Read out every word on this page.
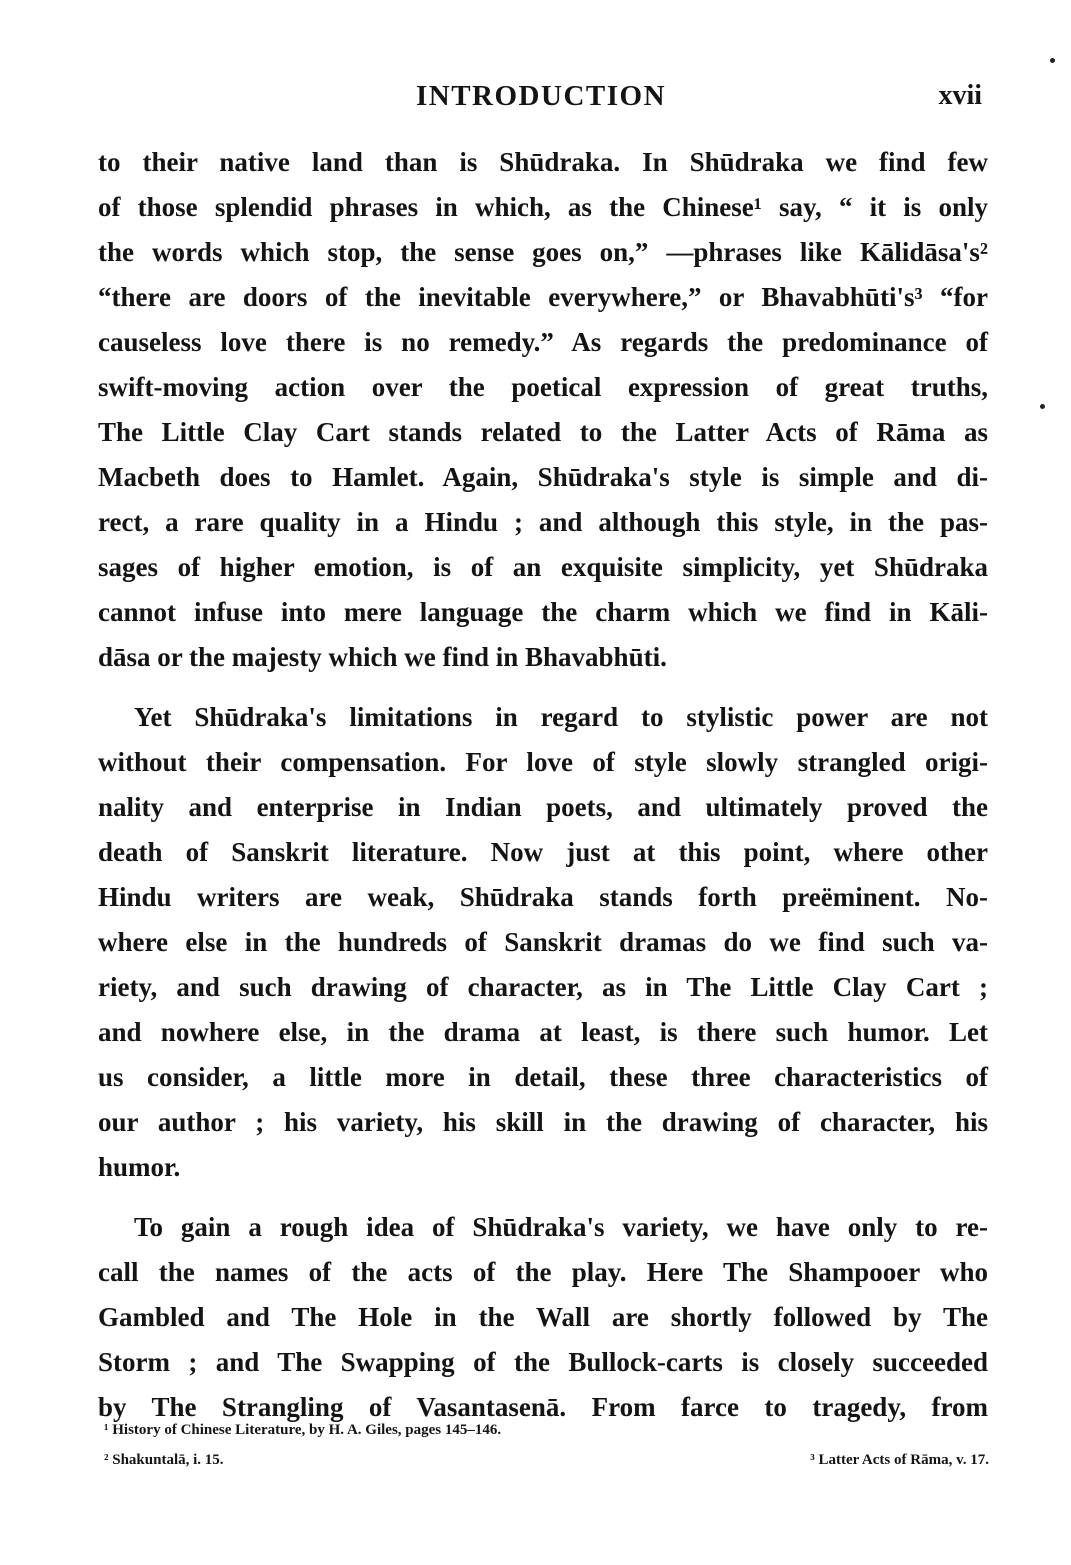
INTRODUCTION	xvii
to their native land than is Shūdraka. In Shūdraka we find few
of those splendid phrases in which, as the Chinese¹ say, “ it is only
the words which stop, the sense goes on,” —phrases like Kālidāsa's²
“there are doors of the inevitable everywhere,” or Bhavabhūti's³ “for
causeless love there is no remedy.” As regards the predominance of
swift-moving action over the poetical expression of great truths,
The Little Clay Cart stands related to the Latter Acts of Rāma as
Macbeth does to Hamlet. Again, Shūdraka's style is simple and di-
rect, a rare quality in a Hindu ; and although this style, in the pas-
sages of higher emotion, is of an exquisite simplicity, yet Shūdraka
cannot infuse into mere language the charm which we find in Kāli-
dāsa or the majesty which we find in Bhavabhūti.
Yet Shūdraka's limitations in regard to stylistic power are not
without their compensation. For love of style slowly strangled origi-
nality and enterprise in Indian poets, and ultimately proved the
death of Sanskrit literature. Now just at this point, where other
Hindu writers are weak, Shūdraka stands forth preëminent. No-
where else in the hundreds of Sanskrit dramas do we find such va-
riety, and such drawing of character, as in The Little Clay Cart ;
and nowhere else, in the drama at least, is there such humor. Let
us consider, a little more in detail, these three characteristics of
our author ; his variety, his skill in the drawing of character, his
humor.
To gain a rough idea of Shūdraka's variety, we have only to re-
call the names of the acts of the play. Here The Shampooer who
Gambled and The Hole in the Wall are shortly followed by The
Storm ; and The Swapping of the Bullock-carts is closely succeeded
by The Strangling of Vasantasenā. From farce to tragedy, from
¹ History of Chinese Literature, by H. A. Giles, pages 145–146.
² Shakuntalā, i. 15.	³ Latter Acts of Rāma, v. 17.
